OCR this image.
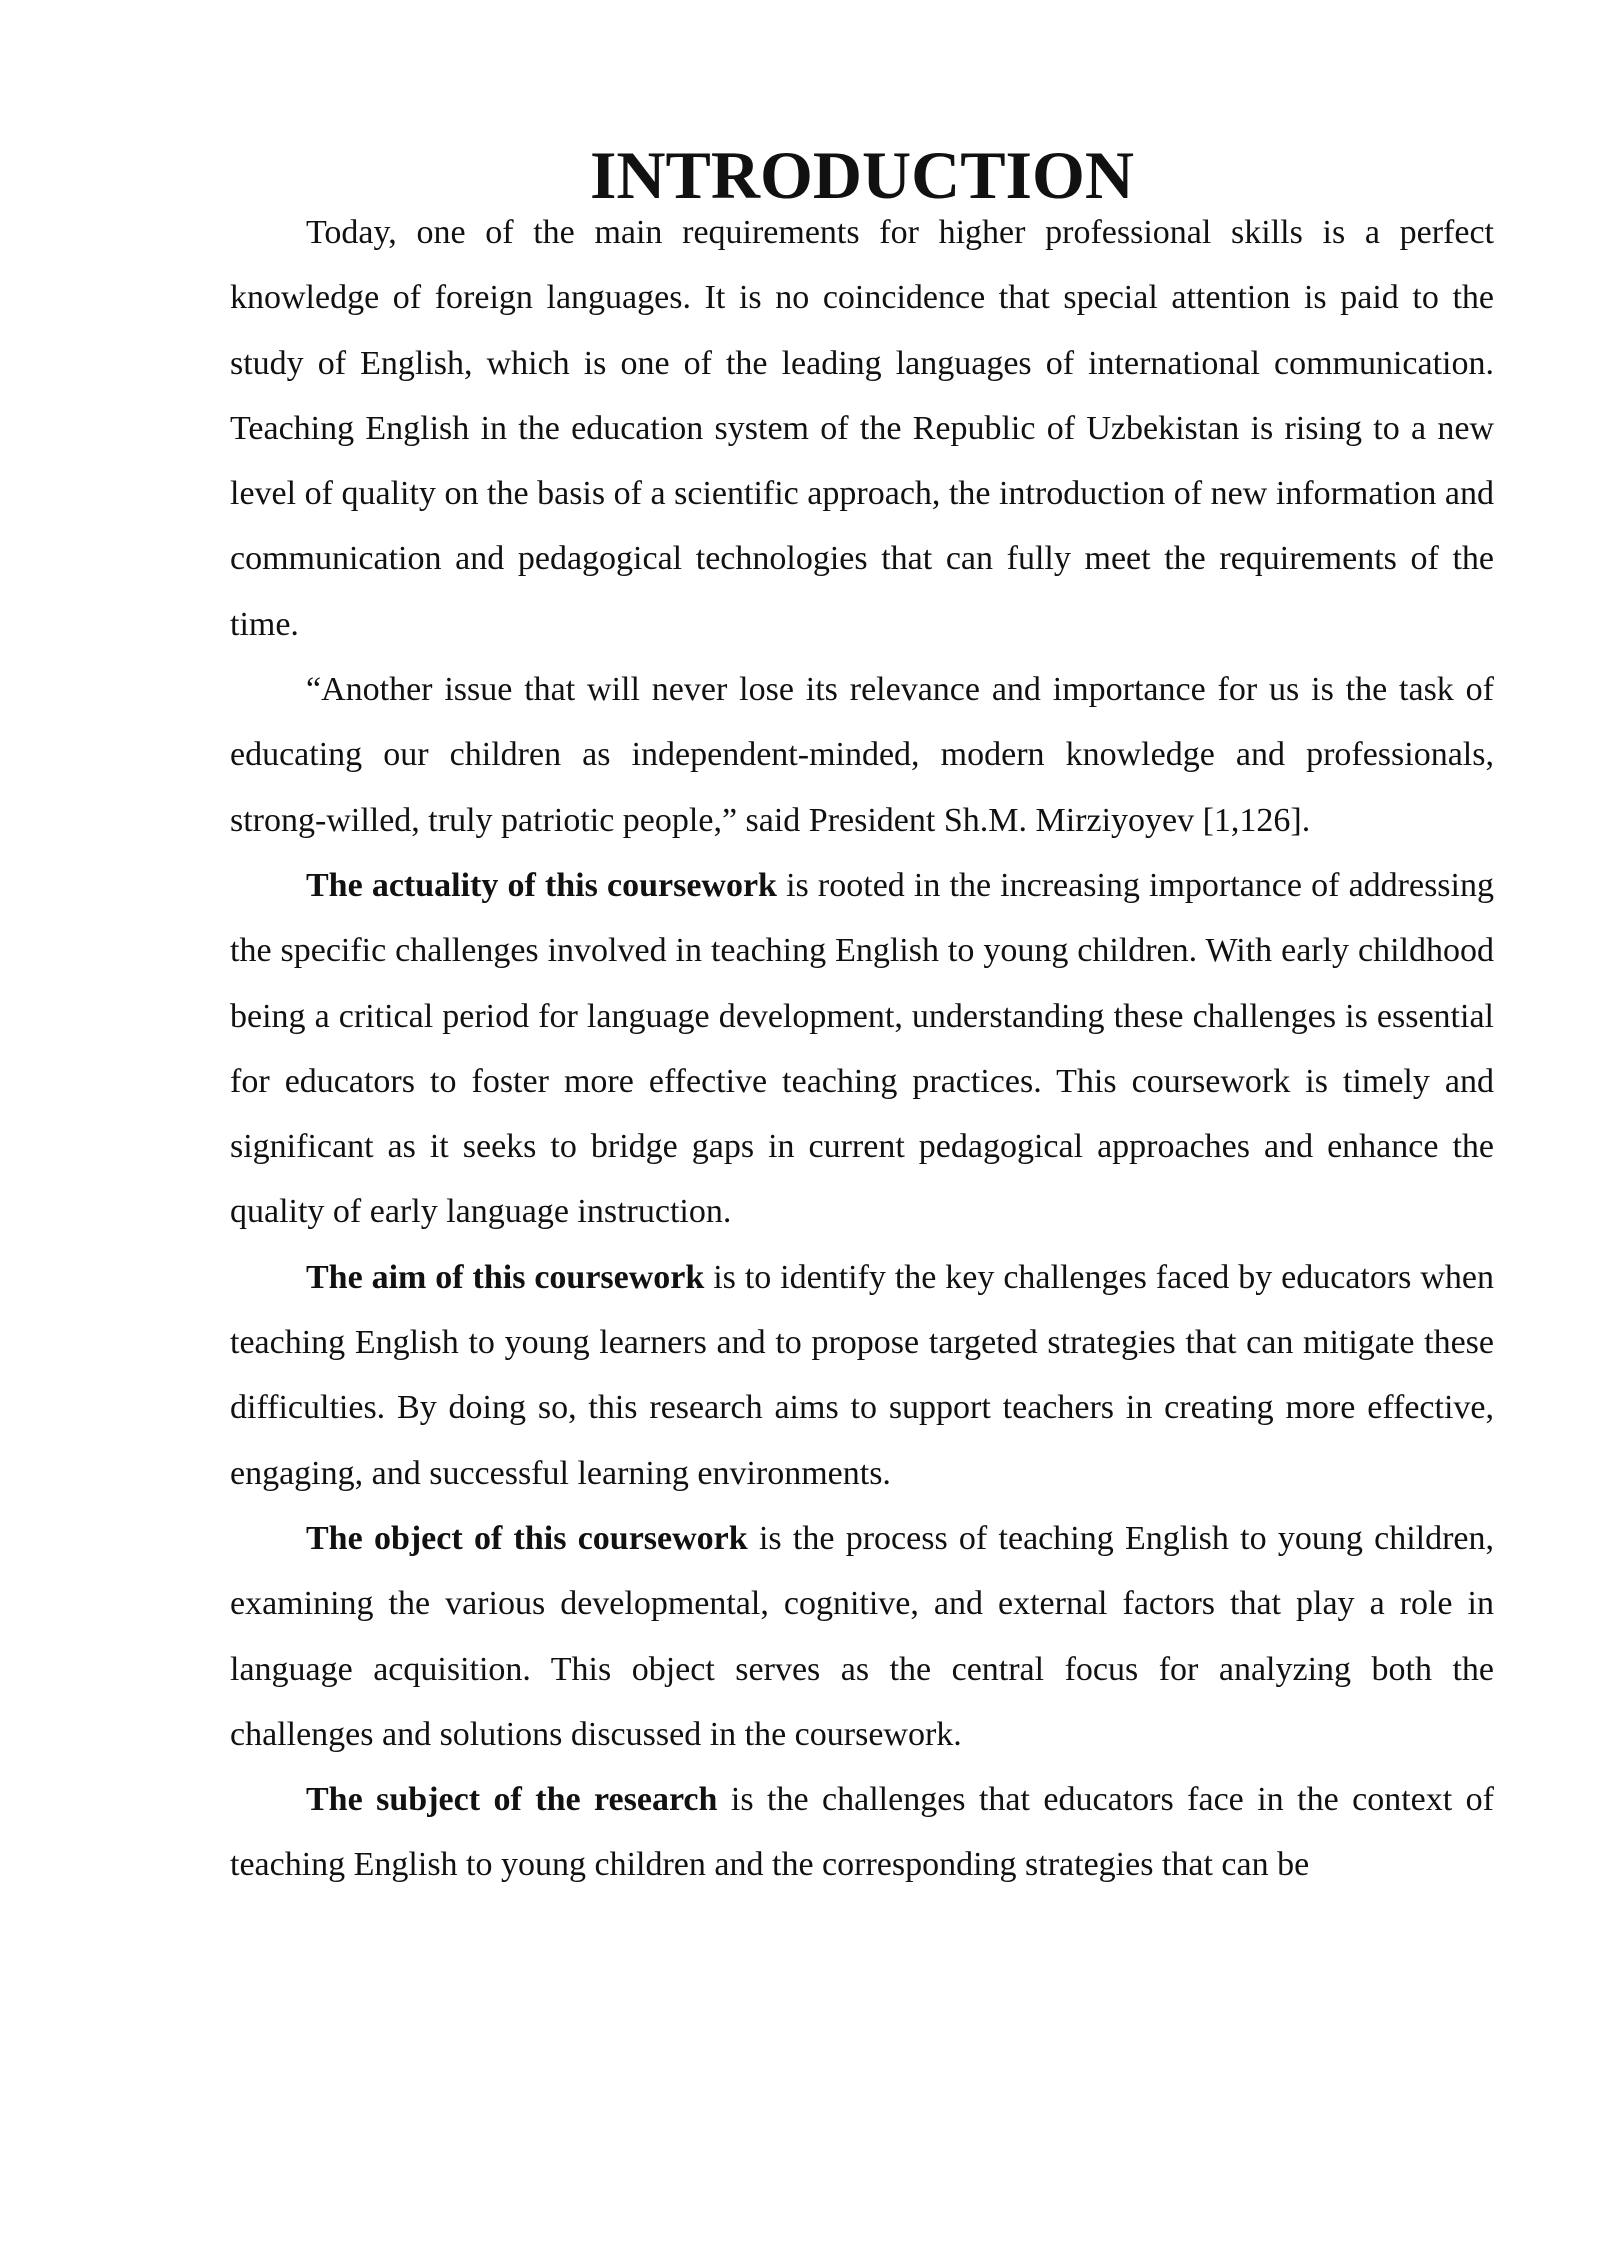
INTRODUCTION

Today, one of the main requirements for higher professional skills is a perfect knowledge of foreign languages. It is no coincidence that special attention is paid to the study of English, which is one of the leading languages of international communication. Teaching English in the education system of the Republic of Uzbekistan is rising to a new level of quality on the basis of a scientific approach, the introduction of new information and communication and pedagogical technologies that can fully meet the requirements of the time.

“Another issue that will never lose its relevance and importance for us is the task of educating our children as independent-minded, modern knowledge and professionals, strong-willed, truly patriotic people,” said President Sh.M. Mirziyoyev [1,126].

The actuality of this coursework is rooted in the increasing importance of addressing the specific challenges involved in teaching English to young children. With early childhood being a critical period for language development, understanding these challenges is essential for educators to foster more effective teaching practices. This coursework is timely and significant as it seeks to bridge gaps in current pedagogical approaches and enhance the quality of early language instruction.

The aim of this coursework is to identify the key challenges faced by educators when teaching English to young learners and to propose targeted strategies that can mitigate these difficulties. By doing so, this research aims to support teachers in creating more effective, engaging, and successful learning environments.

The object of this coursework is the process of teaching English to young children, examining the various developmental, cognitive, and external factors that play a role in language acquisition. This object serves as the central focus for analyzing both the challenges and solutions discussed in the coursework.

The subject of the research is the challenges that educators face in the context of teaching English to young children and the corresponding strategies that can be
